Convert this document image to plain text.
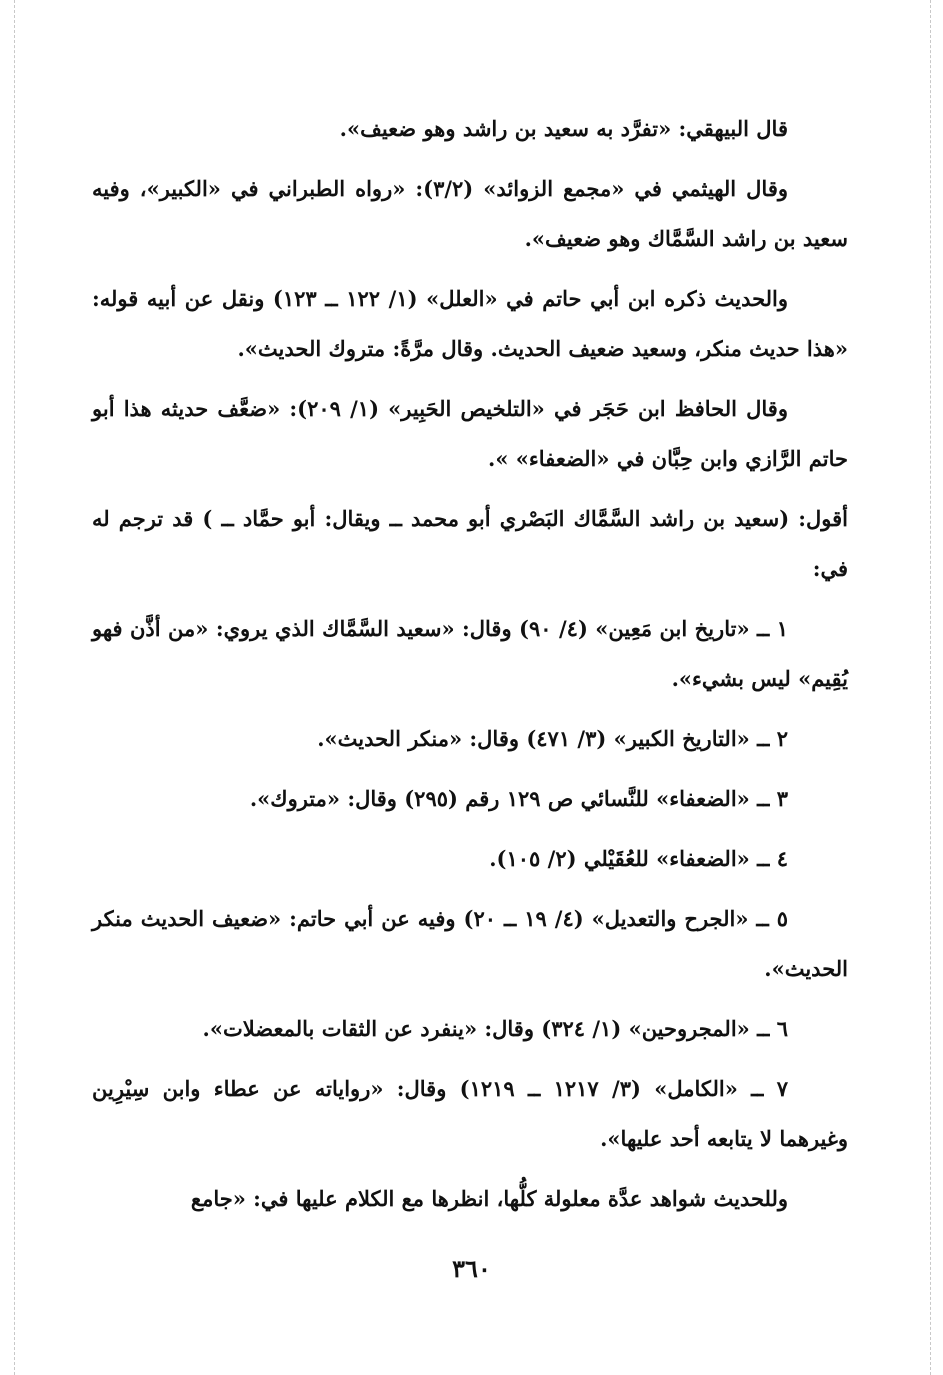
قال البيهقي: «تفرَّد به سعيد بن راشد وهو ضعيف».

وقال الهيثمي في «مجمع الزوائد» (٣/٢): «رواه الطبراني في «الكبير»، وفيه سعيد بن راشد السَّمَّاك وهو ضعيف».

والحديث ذكره ابن أبي حاتم في «العلل» (١/ ١٢٢ ــ ١٢٣) ونقل عن أبيه قوله: «هذا حديث منكر، وسعيد ضعيف الحديث. وقال مرَّةً: متروك الحديث».

وقال الحافظ ابن حَجَر في «التلخيص الحَبِير» (١/ ٢٠٩): «ضعَّف حديثه هذا أبو حاتم الرَّازي وابن حِبَّان في «الضعفاء» ».

أقول: (سعيد بن راشد السَّمَّاك البَصْري أبو محمد ــ ويقال: أبو حمَّاد ــ ) قد ترجم له في:

١ ــ «تاريخ ابن مَعِين» (٤/ ٩٠) وقال: «سعيد السَّمَّاك الذي يروي: «من أذَّن فهو يُقِيم» ليس بشيء».

٢ ــ «التاريخ الكبير» (٣/ ٤٧١) وقال: «منكر الحديث».

٣ ــ «الضعفاء» للنَّسائي ص ١٢٩ رقم (٢٩٥) وقال: «متروك».

٤ ــ «الضعفاء» للعُقَيْلي (٢/ ١٠٥).

٥ ــ «الجرح والتعديل» (٤/ ١٩ ــ ٢٠) وفيه عن أبي حاتم: «ضعيف الحديث منكر الحديث».

٦ ــ «المجروحين» (١/ ٣٢٤) وقال: «ينفرد عن الثقات بالمعضلات».

٧ ــ «الكامل» (٣/ ١٢١٧ ــ ١٢١٩) وقال: «رواياته عن عطاء وابن سِيْرِين وغيرهما لا يتابعه أحد عليها».

وللحديث شواهد عدَّة معلولة كلُّها، انظرها مع الكلام عليها في: «جامع

٣٦٠
